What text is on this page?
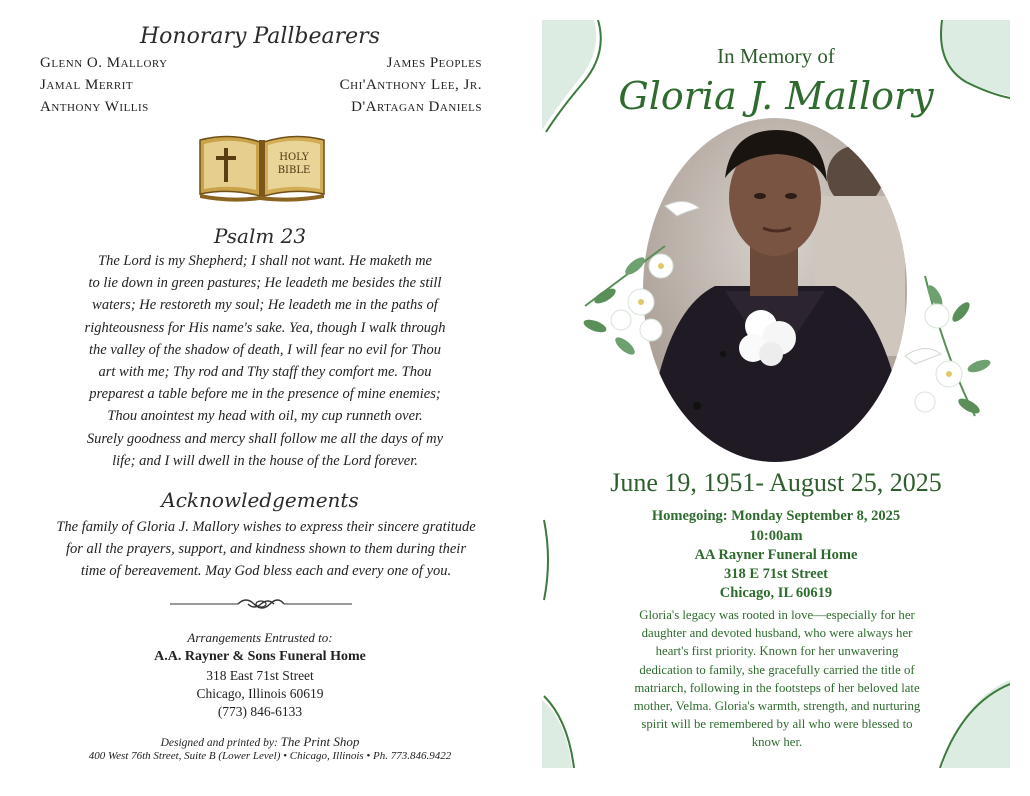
Honorary Pallbearers
Glenn O. Mallory
Jamal Merrit
Anthony Willis
James Peoples
Chi'Anthony Lee, Jr.
D'Artagan Daniels
HOLY
BIBLE
Psalm 23
The Lord is my Shepherd; I shall not want. He maketh me
to lie down in green pastures; He leadeth me besides the still
waters; He restoreth my soul; He leadeth me in the paths of
righteousness for His name's sake. Yea, though I walk through
the valley of the shadow of death, I will fear no evil for Thou
art with me; Thy rod and Thy staff they comfort me. Thou
preparest a table before me in the presence of mine enemies;
Thou anointest my head with oil, my cup runneth over.
Surely goodness and mercy shall follow me all the days of my
life; and I will dwell in the house of the Lord forever.
Acknowledgements
The family of Gloria J. Mallory wishes to express their sincere gratitude
for all the prayers, support, and kindness shown to them during their
time of bereavement. May God bless each and every one of you.
Arrangements Entrusted to:
A.A. Rayner & Sons Funeral Home
318 East 71st Street
Chicago, Illinois 60619
(773) 846-6133
Designed and printed by: The Print Shop
400 West 76th Street, Suite B (Lower Level) • Chicago, Illinois • Ph. 773.846.9422
In Memory of
Gloria J. Mallory
June 19, 1951- August 25, 2025
Homegoing: Monday September 8, 2025
10:00am
AA Rayner Funeral Home
318 E 71st Street
Chicago, IL 60619
Gloria's legacy was rooted in love—especially for her
daughter and devoted husband, who were always her
heart's first priority. Known for her unwavering
dedication to family, she gracefully carried the title of
matriarch, following in the footsteps of her beloved late
mother, Velma. Gloria's warmth, strength, and nurturing
spirit will be remembered by all who were blessed to
know her.
